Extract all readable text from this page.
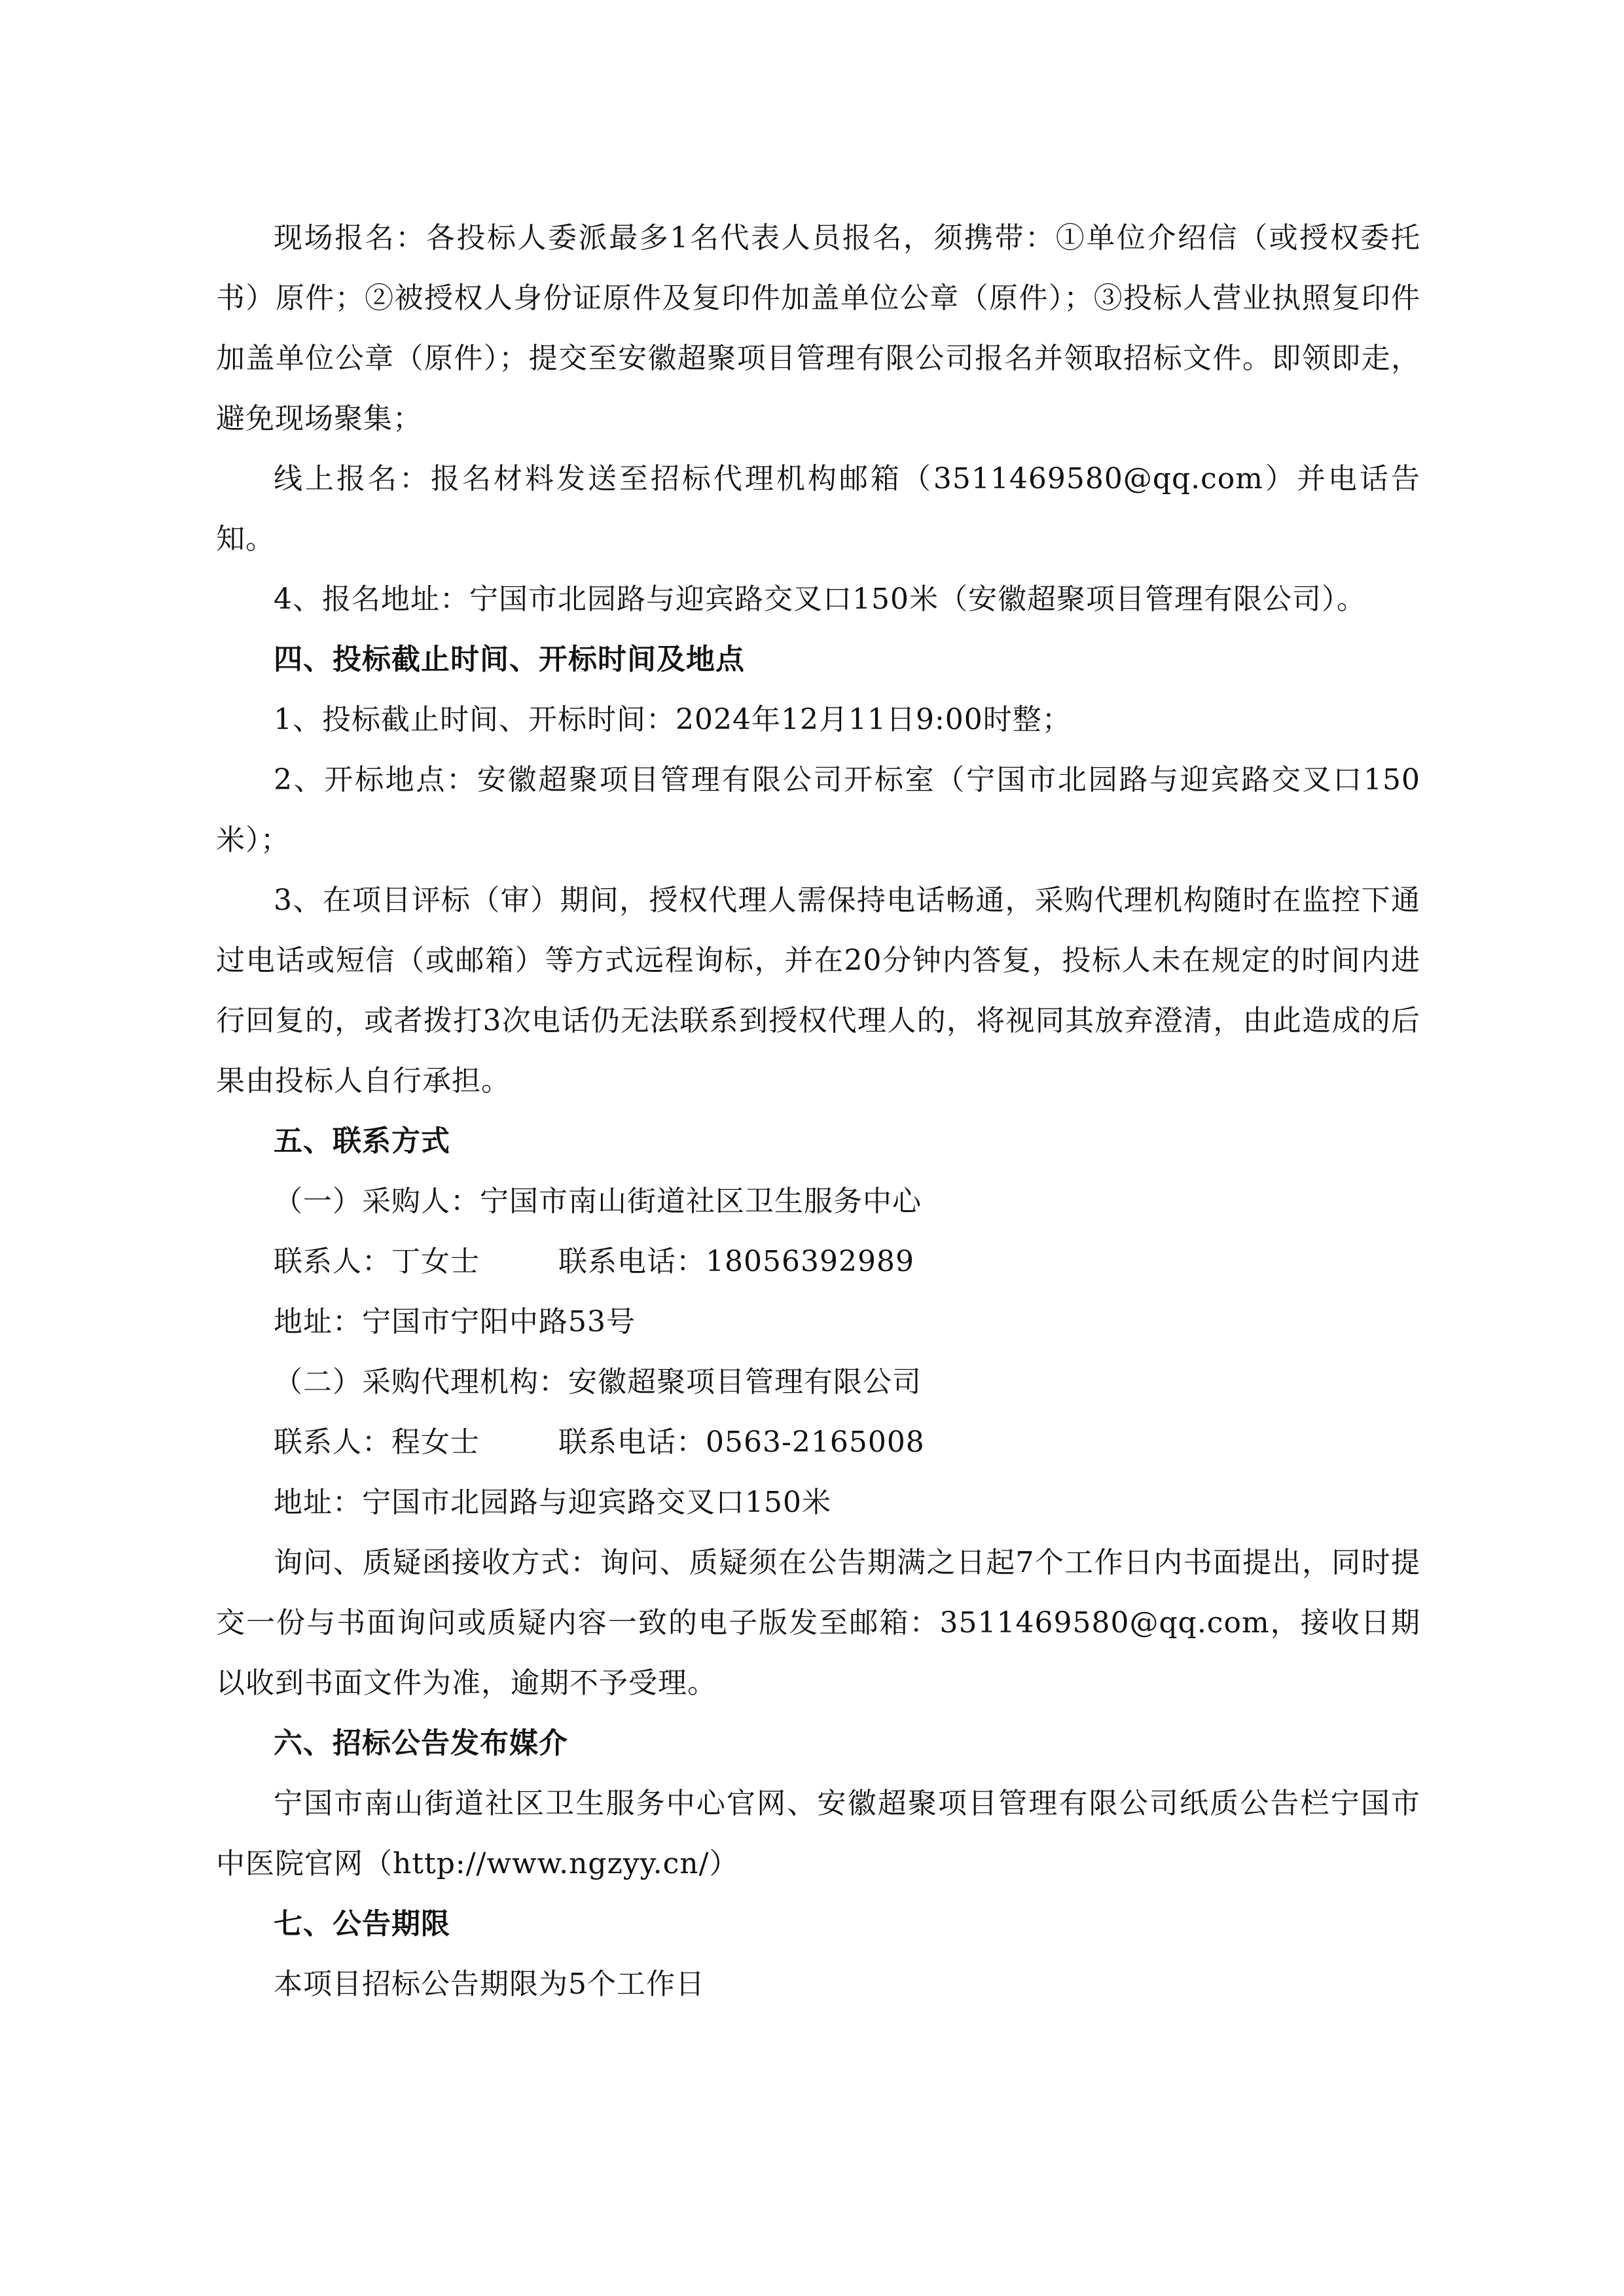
现场报名：各投标人委派最多1名代表人员报名，须携带：①单位介绍信（或授权委托书）原件；②被授权人身份证原件及复印件加盖单位公章（原件）；③投标人营业执照复印件加盖单位公章（原件）；提交至安徽超聚项目管理有限公司报名并领取招标文件。即领即走，避免现场聚集；

线上报名：报名材料发送至招标代理机构邮箱（3511469580@qq.com）并电话告知。

4、报名地址：宁国市北园路与迎宾路交叉口150米（安徽超聚项目管理有限公司）。

四、投标截止时间、开标时间及地点

1、投标截止时间、开标时间：2024年12月11日9:00时整；

2、开标地点：安徽超聚项目管理有限公司开标室（宁国市北园路与迎宾路交叉口150米）；

3、在项目评标（审）期间，授权代理人需保持电话畅通，采购代理机构随时在监控下通过电话或短信（或邮箱）等方式远程询标，并在20分钟内答复，投标人未在规定的时间内进行回复的，或者拨打3次电话仍无法联系到授权代理人的，将视同其放弃澄清，由此造成的后果由投标人自行承担。

五、联系方式

（一）采购人：宁国市南山街道社区卫生服务中心

联系人：丁女士	联系电话：18056392989

地址：宁国市宁阳中路53号

（二）采购代理机构：安徽超聚项目管理有限公司

联系人：程女士	联系电话：0563-2165008

地址：宁国市北园路与迎宾路交叉口150米

询问、质疑函接收方式：询问、质疑须在公告期满之日起7个工作日内书面提出，同时提交一份与书面询问或质疑内容一致的电子版发至邮箱：3511469580@qq.com，接收日期以收到书面文件为准，逾期不予受理。

六、招标公告发布媒介

宁国市南山街道社区卫生服务中心官网、安徽超聚项目管理有限公司纸质公告栏宁国市中医院官网（http://www.ngzyy.cn/）

七、公告期限

本项目招标公告期限为5个工作日
